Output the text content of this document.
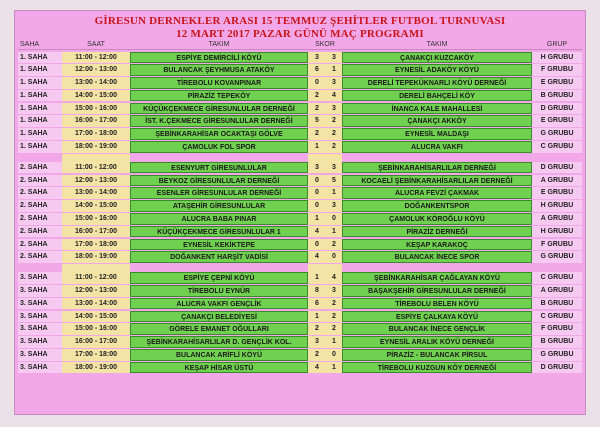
GİRESUN DERNEKLER ARASI 15 TEMMUZ ŞEHİTLER FUTBOL TURNUVASI
12 MART 2017 PAZAR GÜNÜ MAÇ PROGRAMI
SAHA	SAAT	TAKIM	SKOR	TAKIM	GRUP
1. SAHA	11:00 - 12:00	ESPİYE DEMİRCİLİ KÖYÜ	3	3	ÇANAKÇI KUZCAKÖY	H GRUBU
1. SAHA	12:00 - 13:00	BULANCAK ŞEYHMUSA ATAKÖY	6	1	EYNESİL ADAKÖY KÖYÜ	F GRUBU
1. SAHA	13:00 - 14:00	TİREBOLU KOVANPINAR	0	3	DERELİ TEPEKÜKNARLI KÖYÜ DERNEĞİ	E GRUBU
1. SAHA	14:00 - 15:00	PİRAZİZ TEPEKÖY	2	4	DERELİ BAHÇELİ KÖY	B GRUBU
1. SAHA	15:00 - 16:00	KÜÇÜKÇEKMECE GİRESUNLULAR DERNEĞİ	2	3	İNANCA KALE MAHALLESİ	D GRUBU
1. SAHA	16:00 - 17:00	İST. K.ÇEKMECE GİRESUNLULAR DERNEĞİ	5	2	ÇANAKÇI AKKÖY	E GRUBU
1. SAHA	17:00 - 18:00	ŞEBİNKARAHİSAR OCAKTAŞI GÖLVE	2	2	EYNESİL MALDAŞI	G GRUBU
1. SAHA	18:00 - 19:00	ÇAMOLUK FOL SPOR	1	2	ALUCRA VAKFI	C GRUBU
2. SAHA	11:00 - 12:00	ESENYURT GİRESUNLULAR	3	3	ŞEBİNKARAHİSARLILAR DERNEĞİ	D GRUBU
2. SAHA	12:00 - 13:00	BEYKOZ GİRESUNLULAR DERNEĞİ	0	5	KOCAELİ ŞEBİNKARAHİSARLILAR DERNEĞİ	A GRUBU
2. SAHA	13:00 - 14:00	ESENLER GİRESUNLULAR DERNEĞİ	0	1	ALUCRA FEVZİ ÇAKMAK	E GRUBU
2. SAHA	14:00 - 15:00	ATAŞEHİR GİRESUNLULAR	0	3	DOĞANKENTSPOR	H GRUBU
2. SAHA	15:00 - 16:00	ALUCRA BABA PINAR	1	0	ÇAMOLUK KÖROĞLU KÖYÜ	A GRUBU
2. SAHA	16:00 - 17:00	KÜÇÜKÇEKMECE GİRESUNLULAR 1	4	1	PİRAZİZ DERNEĞİ	H GRUBU
2. SAHA	17:00 - 18:00	EYNESİL KEKİKTEPE	0	2	KEŞAP KARAKOÇ	F GRUBU
2. SAHA	18:00 - 19:00	DOĞANKENT HARŞİT VADİSİ	4	0	BULANCAK İNECE SPOR	G GRUBU
3. SAHA	11:00 - 12:00	ESPİYE ÇEPNİ KÖYÜ	1	4	ŞEBİNKARAHİSAR ÇAĞLAYAN KÖYÜ	C GRUBU
3. SAHA	12:00 - 13:00	TİREBOLU EYNÜR	8	3	BAŞAKŞEHİR GİRESUNLULAR DERNEĞİ	A GRUBU
3. SAHA	13:00 - 14:00	ALUCRA VAKFI GENÇLİK	6	2	TİREBOLU BELEN KÖYÜ	B GRUBU
3. SAHA	14:00 - 15:00	ÇANAKÇI BELEDİYESİ	1	2	ESPİYE ÇALKAYA KÖYÜ	C GRUBU
3. SAHA	15:00 - 16:00	GÖRELE EMANET OĞULLARI	2	2	BULANCAK İNECE GENÇLİK	F GRUBU
3. SAHA	16:00 - 17:00	ŞEBİNKARAHİSARLILAR D. GENÇLİK KOL.	3	1	EYNESİL ARALIK KÖYÜ DERNEĞİ	B GRUBU
3. SAHA	17:00 - 18:00	BULANCAK ARİFLİ KÖYÜ	2	0	PİRAZİZ - BULANCAK PİRSUL	G GRUBU
3. SAHA	18:00 - 19:00	KEŞAP HİSAR ÜSTÜ	4	1	TİREBOLU KUZGUN KÖY DERNEĞİ	D GRUBU
